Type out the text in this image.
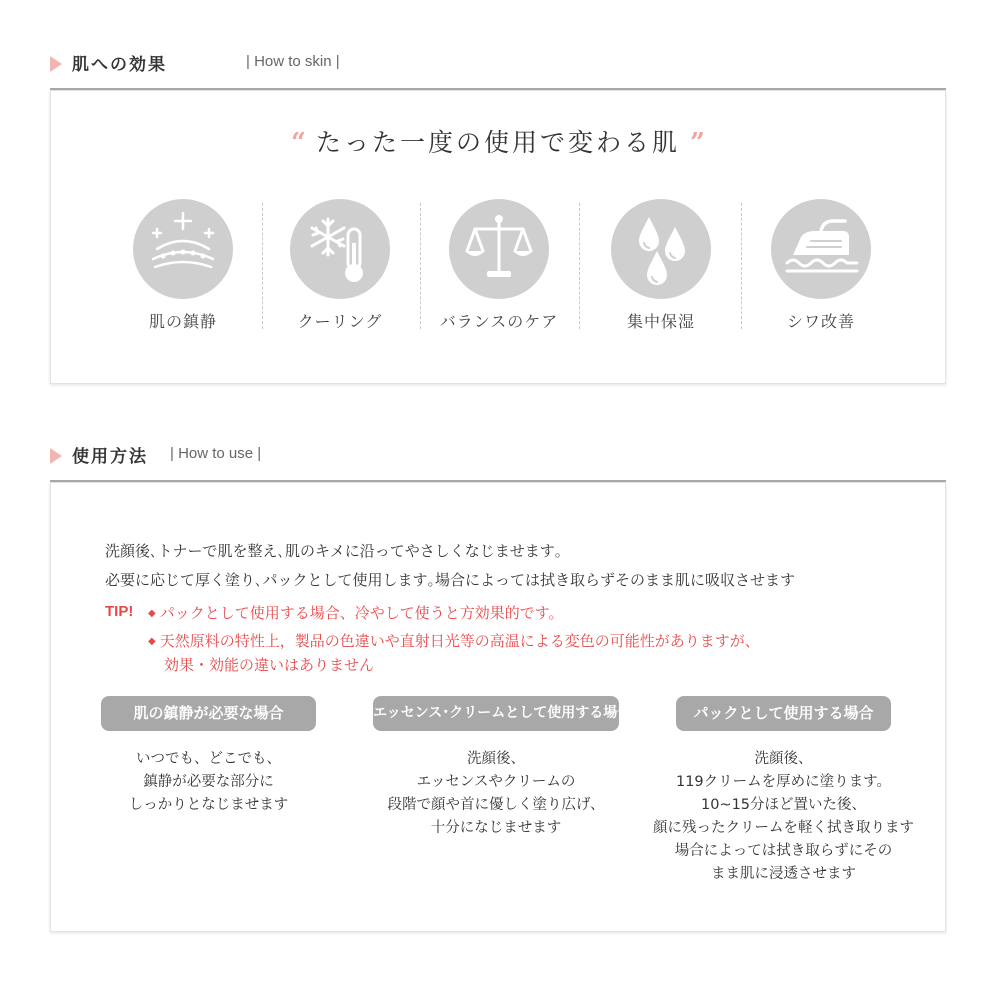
肌への効果	| How to skin |
“ たった一度の使用で変わる肌 ”
肌の鎮静	クーリング	バランスのケア	集中保湿	シワ改善
使用方法 | How to use |
洗顔後､トナーで肌を整え､肌のキメに沿ってやさしくなじませます｡
必要に応じて厚く塗り､パックとして使用します｡場合によっては拭き取らずそのまま肌に吸収させます
TIP! ◆ パックとして使用する場合、冷やして使うと方効果的です。
◆ 天然原料の特性上，製品の色違いや直射日光等の高温による変色の可能性がありますが、
効果・効能の違いはありません
肌の鎮静が必要な場合
いつでも、どこでも、
鎮静が必要な部分に
しっかりとなじませます
エッセンス･クリームとして使用する場合
洗顔後、
エッセンスやクリームの
段階で顔や首に優しく塗り広げ、
十分になじませます
パックとして使用する場合
洗顔後、
119クリームを厚めに塗ります。
10~15分ほど置いた後、
顔に残ったクリームを軽く拭き取ります
場合によっては拭き取らずにその
まま肌に浸透させます
